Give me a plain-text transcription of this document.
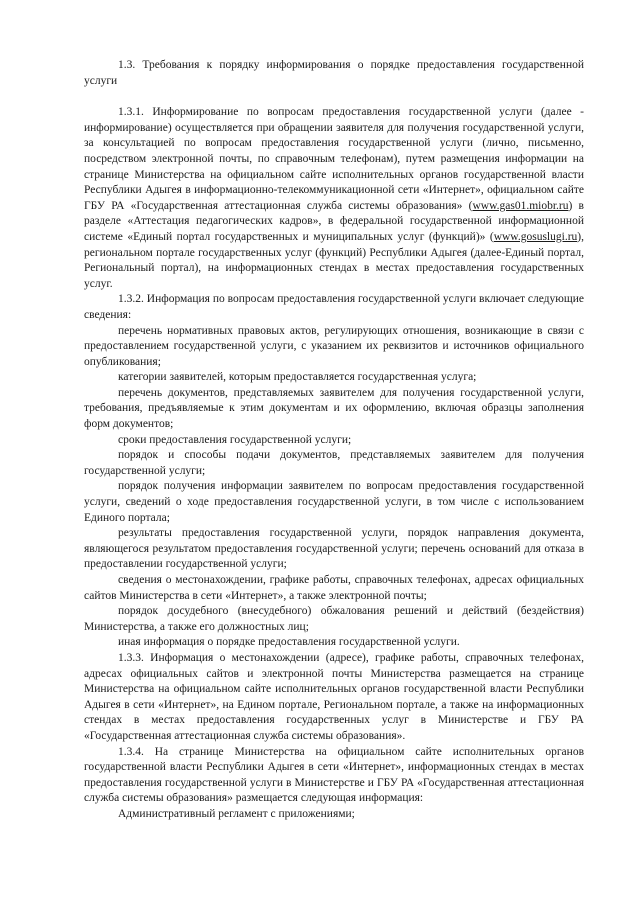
1.3. Требования к порядку информирования о порядке предоставления государственной услуги

1.3.1. Информирование по вопросам предоставления государственной услуги (далее - информирование) осуществляется при обращении заявителя для получения государственной услуги, за консультацией по вопросам предоставления государственной услуги (лично, письменно, посредством электронной почты, по справочным телефонам), путем размещения информации на странице Министерства на официальном сайте исполнительных органов государственной власти Республики Адыгея в информационно-телекоммуникационной сети «Интернет», официальном сайте ГБУ РА «Государственная аттестационная служба системы образования» (www.gas01.miobr.ru) в разделе «Аттестация педагогических кадров», в федеральной государственной информационной системе «Единый портал государственных и муниципальных услуг (функций)» (www.gosuslugi.ru), региональном портале государственных услуг (функций) Республики Адыгея (далее-Единый портал, Региональный портал), на информационных стендах в местах предоставления государственных услуг.

1.3.2. Информация по вопросам предоставления государственной услуги включает следующие сведения:

перечень нормативных правовых актов, регулирующих отношения, возникающие в связи с предоставлением государственной услуги, с указанием их реквизитов и источников официального опубликования;

категории заявителей, которым предоставляется государственная услуга;

перечень документов, представляемых заявителем для получения государственной услуги, требования, предъявляемые к этим документам и их оформлению, включая образцы заполнения форм документов;

сроки предоставления государственной услуги;

порядок и способы подачи документов, представляемых заявителем для получения государственной услуги;

порядок получения информации заявителем по вопросам предоставления государственной услуги, сведений о ходе предоставления государственной услуги, в том числе с использованием Единого портала;

результаты предоставления государственной услуги, порядок направления документа, являющегося результатом предоставления государственной услуги; перечень оснований для отказа в предоставлении государственной услуги;

сведения о местонахождении, графике работы, справочных телефонах, адресах официальных сайтов Министерства в сети «Интернет», а также электронной почты;

порядок досудебного (внесудебного) обжалования решений и действий (бездействия) Министерства, а также его должностных лиц;

иная информация о порядке предоставления государственной услуги.

1.3.3. Информация о местонахождении (адресе), графике работы, справочных телефонах, адресах официальных сайтов и электронной почты Министерства размещается на странице Министерства на официальном сайте исполнительных органов государственной власти Республики Адыгея в сети «Интернет», на Едином портале, Региональном портале, а также на информационных стендах в местах предоставления государственных услуг в Министерстве и ГБУ РА «Государственная аттестационная служба системы образования».

1.3.4. На странице Министерства на официальном сайте исполнительных органов государственной власти Республики Адыгея в сети «Интернет», информационных стендах в местах предоставления государственной услуги в Министерстве и ГБУ РА «Государственная аттестационная служба системы образования» размещается следующая информация:

Административный регламент с приложениями;
